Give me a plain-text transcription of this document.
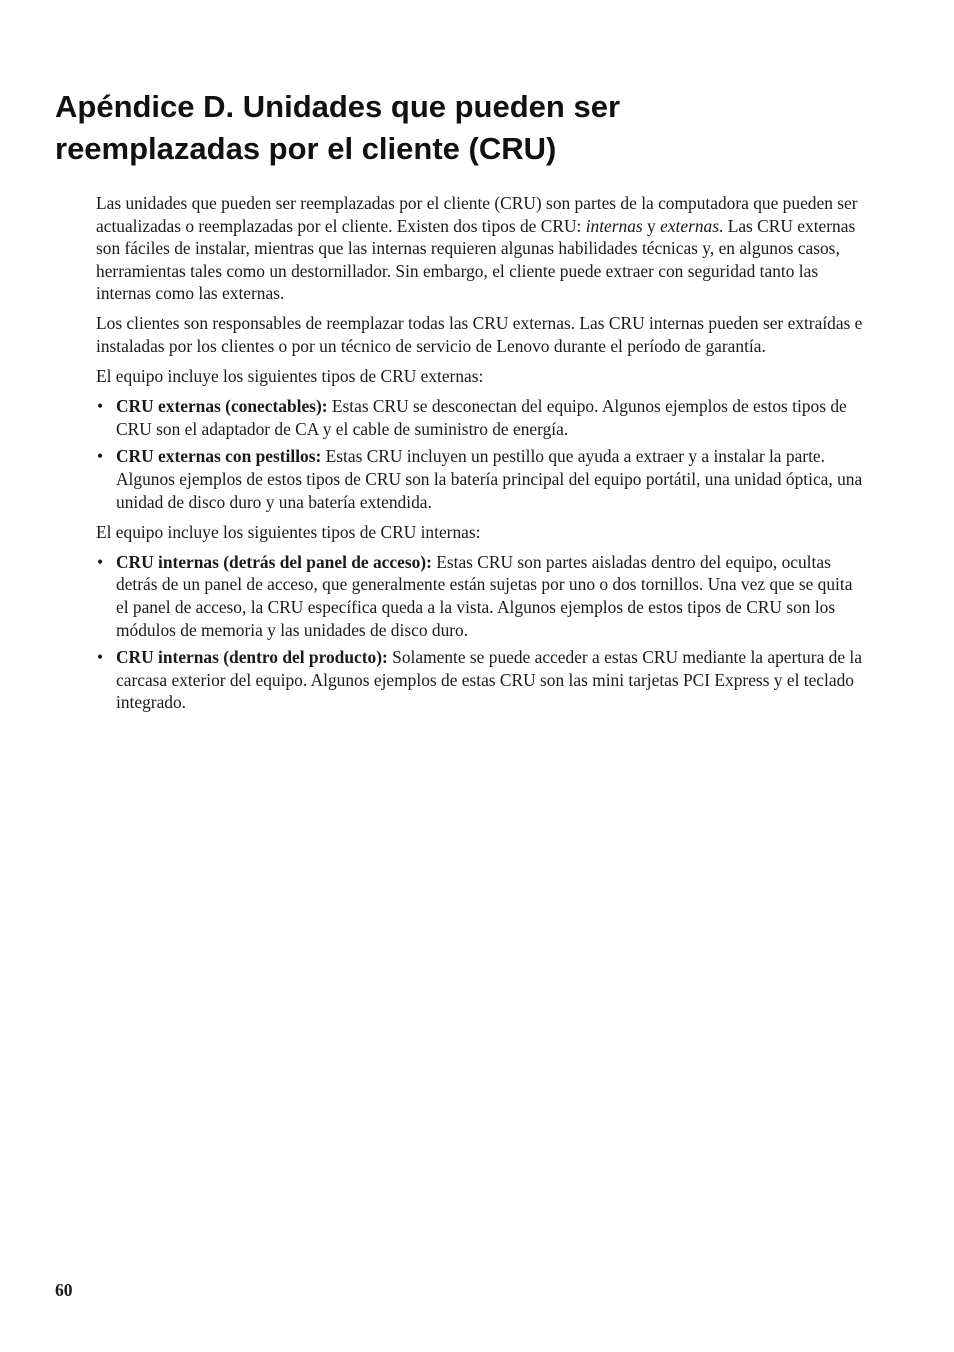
Apéndice D. Unidades que pueden ser
reemplazadas por el cliente (CRU)

Las unidades que pueden ser reemplazadas por el cliente (CRU) son partes de la computadora que pueden ser actualizadas o reemplazadas por el cliente. Existen dos tipos de CRU: internas y externas. Las CRU externas son fáciles de instalar, mientras que las internas requieren algunas habilidades técnicas y, en algunos casos, herramientas tales como un destornillador. Sin embargo, el cliente puede extraer con seguridad tanto las internas como las externas.

Los clientes son responsables de reemplazar todas las CRU externas. Las CRU internas pueden ser extraídas e instaladas por los clientes o por un técnico de servicio de Lenovo durante el período de garantía.

El equipo incluye los siguientes tipos de CRU externas:

• CRU externas (conectables): Estas CRU se desconectan del equipo. Algunos ejemplos de estos tipos de CRU son el adaptador de CA y el cable de suministro de energía.
• CRU externas con pestillos: Estas CRU incluyen un pestillo que ayuda a extraer y a instalar la parte. Algunos ejemplos de estos tipos de CRU son la batería principal del equipo portátil, una unidad óptica, una unidad de disco duro y una batería extendida.

El equipo incluye los siguientes tipos de CRU internas:

• CRU internas (detrás del panel de acceso): Estas CRU son partes aisladas dentro del equipo, ocultas detrás de un panel de acceso, que generalmente están sujetas por uno o dos tornillos. Una vez que se quita el panel de acceso, la CRU específica queda a la vista. Algunos ejemplos de estos tipos de CRU son los módulos de memoria y las unidades de disco duro.
• CRU internas (dentro del producto): Solamente se puede acceder a estas CRU mediante la apertura de la carcasa exterior del equipo. Algunos ejemplos de estas CRU son las mini tarjetas PCI Express y el teclado integrado.
60
